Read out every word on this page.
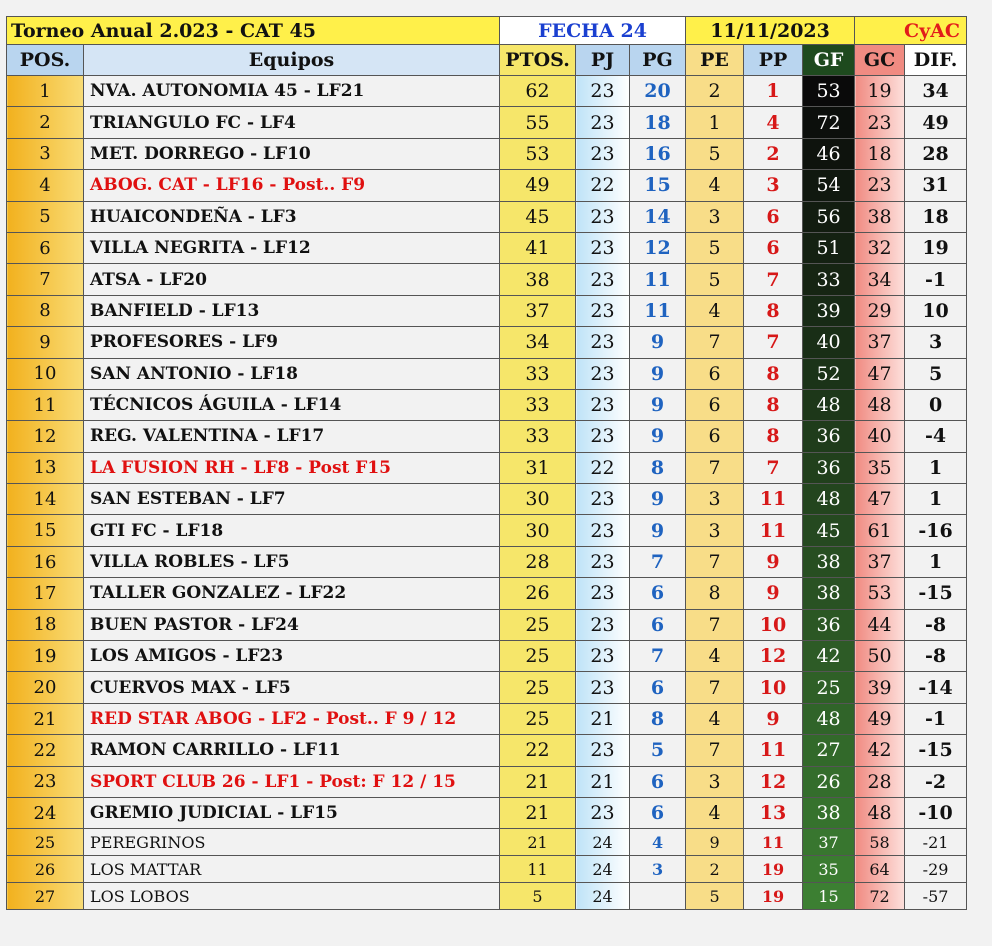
Torneo Anual 2.023 - CAT 45		FECHA 24			11/11/2023			CyAC	
POS.	Equipos	PTOS.	PJ	PG	PE	PP	GF	GC	DIF.
1	NVA. AUTONOMIA 45 - LF21	62	23	20	2	1	53	19	34
2	TRIANGULO FC - LF4	55	23	18	1	4	72	23	49
3	MET. DORREGO - LF10	53	23	16	5	2	46	18	28
4	ABOG. CAT - LF16 - Post.. F9	49	22	15	4	3	54	23	31
5	HUAICONDEÑA - LF3	45	23	14	3	6	56	38	18
6	VILLA NEGRITA - LF12	41	23	12	5	6	51	32	19
7	ATSA - LF20	38	23	11	5	7	33	34	-1
8	BANFIELD - LF13	37	23	11	4	8	39	29	10
9	PROFESORES - LF9	34	23	9	7	7	40	37	3
10	SAN ANTONIO - LF18	33	23	9	6	8	52	47	5
11	TÉCNICOS ÁGUILA - LF14	33	23	9	6	8	48	48	0
12	REG. VALENTINA - LF17	33	23	9	6	8	36	40	-4
13	LA FUSION RH - LF8 - Post F15	31	22	8	7	7	36	35	1
14	SAN ESTEBAN - LF7	30	23	9	3	11	48	47	1
15	GTI FC - LF18	30	23	9	3	11	45	61	-16
16	VILLA ROBLES - LF5	28	23	7	7	9	38	37	1
17	TALLER GONZALEZ - LF22	26	23	6	8	9	38	53	-15
18	BUEN PASTOR - LF24	25	23	6	7	10	36	44	-8
19	LOS AMIGOS - LF23	25	23	7	4	12	42	50	-8
20	CUERVOS MAX - LF5	25	23	6	7	10	25	39	-14
21	RED STAR ABOG - LF2 - Post.. F 9 / 12	25	21	8	4	9	48	49	-1
22	RAMON CARRILLO - LF11	22	23	5	7	11	27	42	-15
23	SPORT CLUB 26 - LF1 - Post: F 12 / 15	21	21	6	3	12	26	28	-2
24	GREMIO JUDICIAL - LF15	21	23	6	4	13	38	48	-10
25	PEREGRINOS	21	24	4	9	11	37	58	-21
26	LOS MATTAR	11	24	3	2	19	35	64	-29
27	LOS LOBOS	5	24		5	19	15	72	-57
